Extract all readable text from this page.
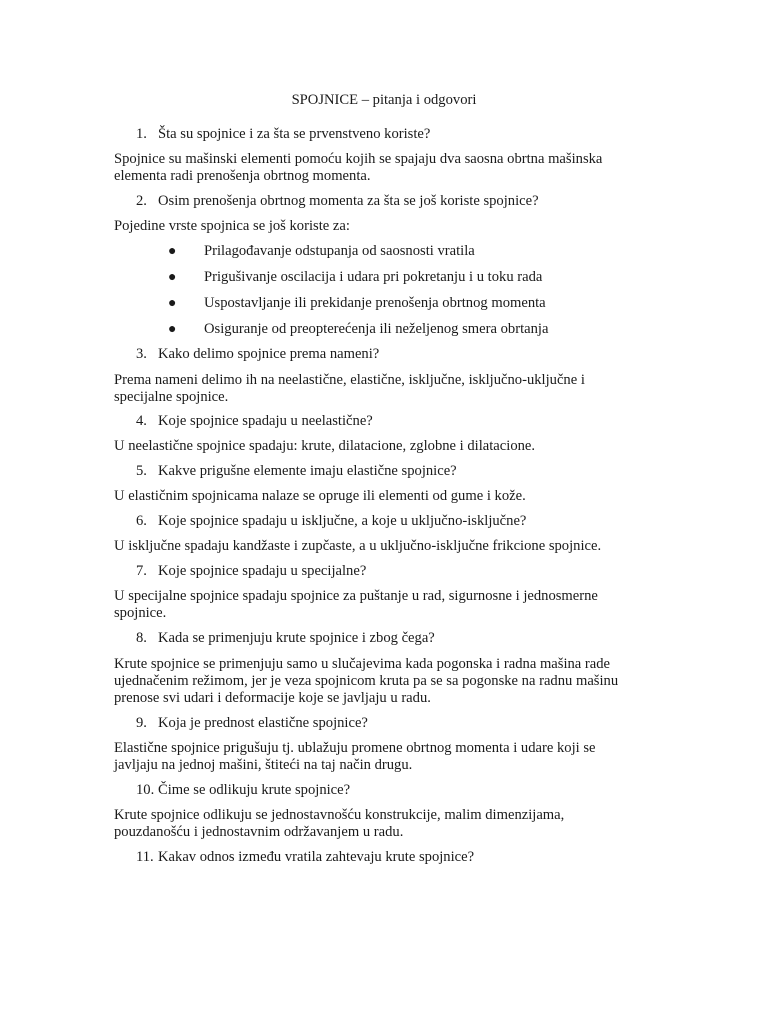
SPOJNICE – pitanja i odgovori
1. Šta su spojnice i za šta se prvenstveno koriste?
Spojnice su mašinski elementi pomoću kojih se spajaju dva saosna obrtna mašinska elementa radi prenošenja obrtnog momenta.
2. Osim prenošenja obrtnog momenta za šta se još koriste spojnice?
Pojedine vrste spojnica se još koriste za:
● Prilagođavanje odstupanja od saosnosti vratila
● Prigušivanje oscilacija i udara pri pokretanju i u toku rada
● Uspostavljanje ili prekidanje prenošenja obrtnog momenta
● Osiguranje od preopterećenja ili neželjenog smera obrtanja
3. Kako delimo spojnice prema nameni?
Prema nameni delimo ih na neelastične, elastične, isključne, isključno-uključne i specijalne spojnice.
4. Koje spojnice spadaju u neelastične?
U neelastične spojnice spadaju: krute, dilatacione, zglobne i dilatacione.
5. Kakve prigušne elemente imaju elastične spojnice?
U elastičnim spojnicama nalaze se opruge ili elementi od gume i kože.
6. Koje spojnice spadaju u isključne, a koje u uključno-isključne?
U isključne spadaju kandžaste i zupčaste, a u uključno-isključne frikcione spojnice.
7. Koje spojnice spadaju u specijalne?
U specijalne spojnice spadaju spojnice za puštanje u rad, sigurnosne i jednosmerne spojnice.
8. Kada se primenjuju krute spojnice i zbog čega?
Krute spojnice se primenjuju samo u slučajevima kada pogonska i radna mašina rade ujednačenim režimom, jer je veza spojnicom kruta pa se sa pogonske na radnu mašinu prenose svi udari i deformacije koje se javljaju u radu.
9. Koja je prednost elastične spojnice?
Elastične spojnice prigušuju tj. ublažuju promene obrtnog momenta i udare koji se javljaju na jednoj mašini, štiteći na taj način drugu.
10. Čime se odlikuju krute spojnice?
Krute spojnice odlikuju se jednostavnošću konstrukcije, malim dimenzijama, pouzdanošću i jednostavnim održavanjem u radu.
11. Kakav odnos između vratila zahtevaju krute spojnice?
